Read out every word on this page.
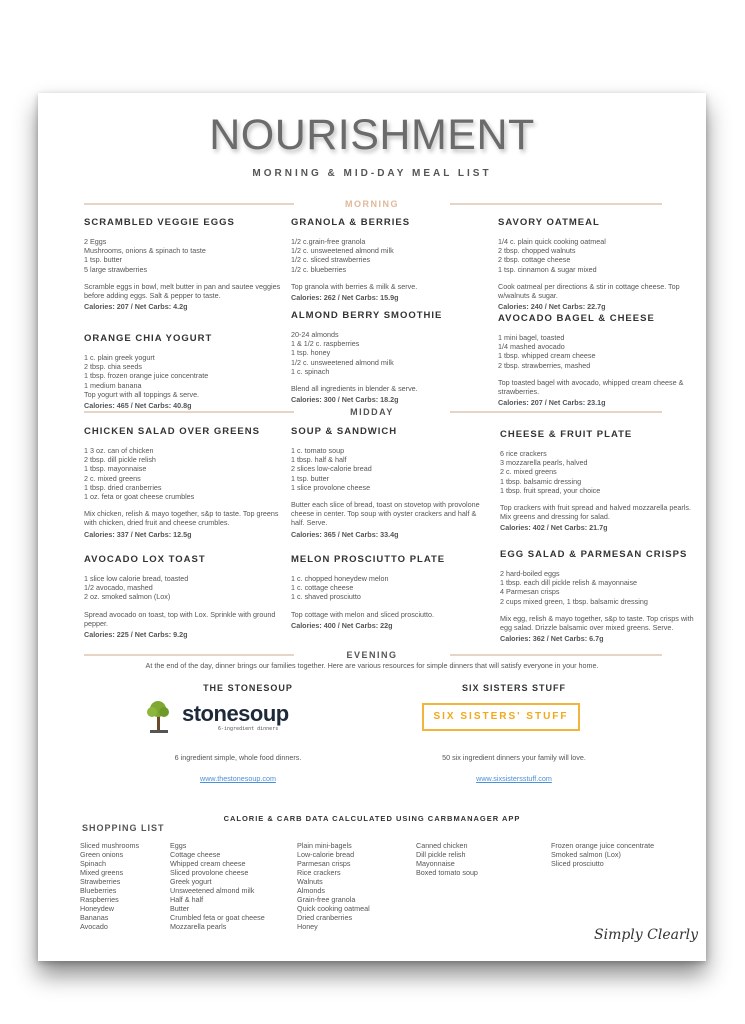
NOURISHMENT
MORNING & MID-DAY MEAL LIST
MORNING
SCRAMBLED VEGGIE EGGS
2 Eggs
Mushrooms, onions & spinach to taste
1 tsp. butter
5 large strawberries
Scramble eggs in bowl, melt butter in pan and sautee veggies before adding eggs. Salt & pepper to taste.
Calories: 207 / Net Carbs: 4.2g
GRANOLA & BERRIES
1/2 c.grain-free granola
1/2 c. unsweetened almond milk
1/2 c. sliced strawberries
1/2 c. blueberries
Top granola with berries & milk & serve.
Calories: 262 / Net Carbs: 15.9g
SAVORY OATMEAL
1/4 c. plain quick cooking oatmeal
2 tbsp. chopped walnuts
2 tbsp. cottage cheese
1 tsp. cinnamon & sugar mixed
Cook oatmeal per directions & stir in cottage cheese. Top w/walnuts & sugar.
Calories: 240 / Net Carbs: 22.7g
ORANGE CHIA YOGURT
1 c. plain greek yogurt
2 tbsp. chia seeds
1 tbsp. frozen orange juice concentrate
1 medium banana
Top yogurt with all toppings & serve.
Calories: 465 / Net Carbs: 40.8g
ALMOND BERRY SMOOTHIE
20-24 almonds
1 & 1/2 c. raspberries
1 tsp. honey
1/2 c. unsweetened almond milk
1 c. spinach
Blend all ingredients in blender & serve.
Calories: 300 / Net Carbs: 18.2g
AVOCADO BAGEL & CHEESE
1 mini bagel, toasted
1/4 mashed avocado
1 tbsp. whipped cream cheese
2 tbsp. strawberries, mashed
Top toasted bagel with avocado, whipped cream cheese & strawberries.
Calories: 207 / Net Carbs: 23.1g
MIDDAY
CHICKEN SALAD OVER GREENS
1 3 oz. can of chicken
2 tbsp. dill pickle relish
1 tbsp. mayonnaise
2 c. mixed greens
1 tbsp. dried cranberries
1 oz. feta or goat cheese crumbles
Mix chicken, relish & mayo together, s&p to taste. Top greens with chicken, dried fruit and cheese crumbles.
Calories: 337 / Net Carbs: 12.5g
SOUP & SANDWICH
1 c. tomato soup
1 tbsp. half & half
2 slices low-calorie bread
1 tsp. butter
1 slice provolone cheese
Butter each slice of bread, toast on stovetop with provolone cheese in center. Top soup with oyster crackers and half & half. Serve.
Calories: 365 / Net Carbs: 33.4g
CHEESE & FRUIT PLATE
6 rice crackers
3 mozzarella pearls, halved
2 c. mixed greens
1 tbsp. balsamic dressing
1 tbsp. fruit spread, your choice
Top crackers with fruit spread and halved mozzarella pearls. Mix greens and dressing for salad.
Calories: 402 / Net Carbs: 21.7g
AVOCADO LOX TOAST
1 slice low calorie bread, toasted
1/2 avocado, mashed
2 oz. smoked salmon (Lox)
Spread avocado on toast, top with Lox. Sprinkle with ground pepper.
Calories: 225 / Net Carbs: 9.2g
MELON PROSCIUTTO PLATE
1 c. chopped honeydew melon
1 c. cottage cheese
1 c. shaved prosciutto
Top cottage with melon and sliced prosciutto.
Calories: 400 / Net Carbs: 22g
EGG SALAD & PARMESAN CRISPS
2 hard-boiled eggs
1 tbsp. each dill pickle relish & mayonnaise
4 Parmesan crisps
2 cups mixed green, 1 tbsp. balsamic dressing
Mix egg, relish & mayo together, s&p to taste. Top crisps with egg salad. Drizzle balsamic over mixed greens. Serve.
Calories: 362 / Net Carbs: 6.7g
EVENING
At the end of the day, dinner brings our families together. Here are various resources for simple dinners that will satisfy everyone in your home.
THE STONESOUP
stonesoup
6-ingredient dinners
6 ingredient simple, whole food dinners.
www.thestonesoup.com
SIX SISTERS STUFF
SIX SISTERS' STUFF
50 six ingredient dinners your family will love.
www.sixsistersstuff.com
CALORIE & CARB DATA CALCULATED USING CARBMANAGER APP
SHOPPING LIST
Sliced mushrooms
Green onions
Spinach
Mixed greens
Strawberries
Blueberries
Raspberries
Honeydew
Bananas
Avocado
Eggs
Cottage cheese
Whipped cream cheese
Sliced provolone cheese
Greek yogurt
Unsweetened almond milk
Half & half
Butter
Crumbled feta or goat cheese
Mozzarella pearls
Plain mini-bagels
Low-calorie bread
Parmesan crisps
Rice crackers
Walnuts
Almonds
Grain-free granola
Quick cooking oatmeal
Dried cranberries
Honey
Canned chicken
Dill pickle relish
Mayonnaise
Boxed tomato soup
Frozen orange juice concentrate
Smoked salmon (Lox)
Sliced prosciutto
Simply Clearly
